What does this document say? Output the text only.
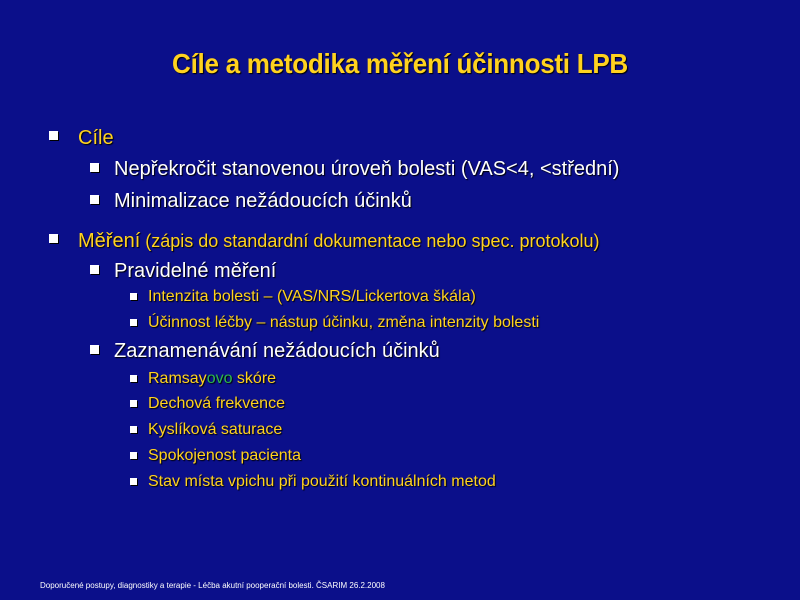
Cíle a metodika měření účinnosti LPB
Cíle
Nepřekročit stanovenou úroveň bolesti (VAS<4, <střední)
Minimalizace nežádoucích účinků
Měření (zápis do standardní dokumentace nebo spec. protokolu)
Pravidelné měření
Intenzita bolesti – (VAS/NRS/Lickertova škála)
Účinnost léčby – nástup účinku, změna intenzity bolesti
Zaznamenávání nežádoucích účinků
Ramsayovo skóre
Dechová frekvence
Kyslíková saturace
Spokojenost pacienta
Stav místa vpichu při použití kontinuálních metod
Doporučené postupy, diagnostiky a terapie - Léčba akutní pooperační bolesti. ČSARIM 26.2.2008
